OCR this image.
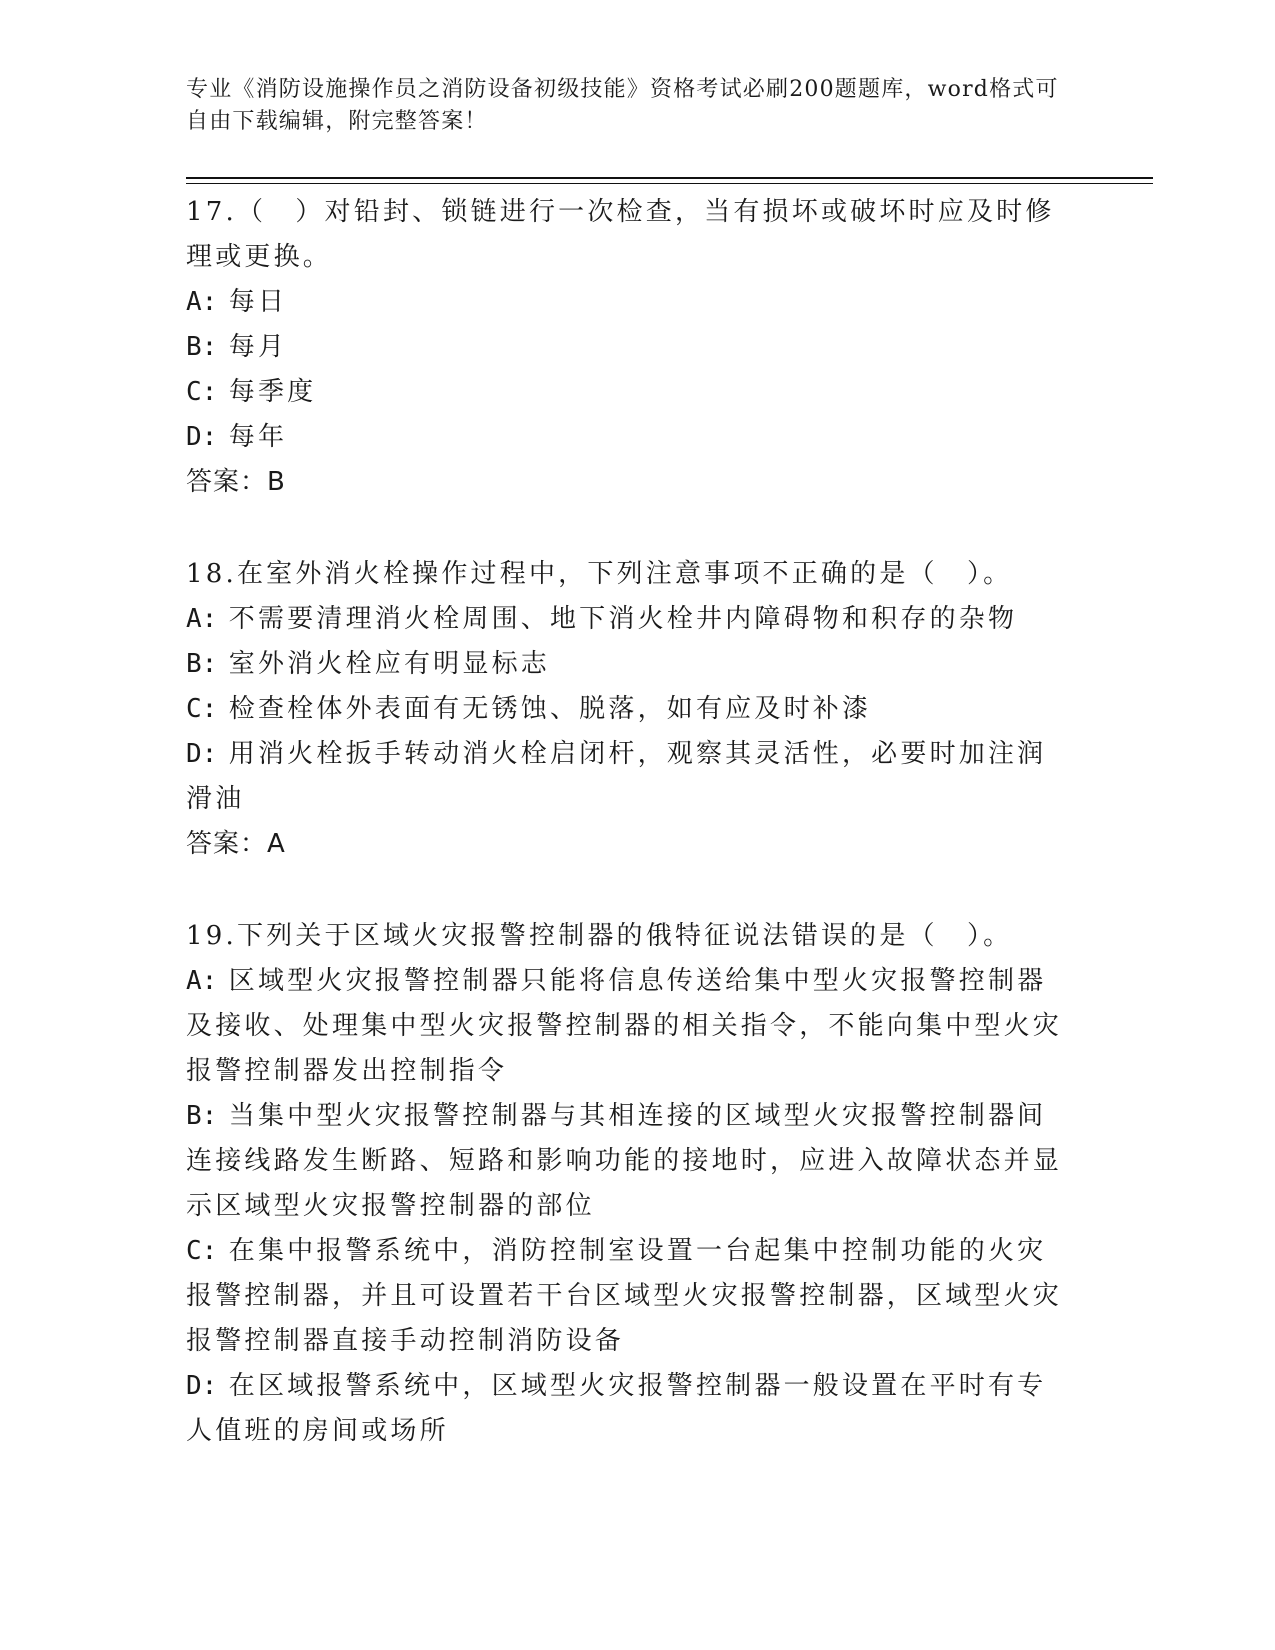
专业《消防设施操作员之消防设备初级技能》资格考试必刷200题题库，word格式可自由下载编辑，附完整答案！

17.（　）对铅封、锁链进行一次检查，当有损坏或破坏时应及时修理或更换。

A: 每日

B: 每月

C: 每季度

D: 每年

答案：B

18.在室外消火栓操作过程中，下列注意事项不正确的是（　）。

A: 不需要清理消火栓周围、地下消火栓井内障碍物和积存的杂物

B: 室外消火栓应有明显标志

C: 检查栓体外表面有无锈蚀、脱落，如有应及时补漆

D: 用消火栓扳手转动消火栓启闭杆，观察其灵活性，必要时加注润滑油

答案：A

19.下列关于区域火灾报警控制器的俄特征说法错误的是（　）。

A: 区域型火灾报警控制器只能将信息传送给集中型火灾报警控制器及接收、处理集中型火灾报警控制器的相关指令，不能向集中型火灾报警控制器发出控制指令

B: 当集中型火灾报警控制器与其相连接的区域型火灾报警控制器间连接线路发生断路、短路和影响功能的接地时，应进入故障状态并显示区域型火灾报警控制器的部位

C: 在集中报警系统中，消防控制室设置一台起集中控制功能的火灾报警控制器，并且可设置若干台区域型火灾报警控制器，区域型火灾报警控制器直接手动控制消防设备

D: 在区域报警系统中，区域型火灾报警控制器一般设置在平时有专人值班的房间或场所
